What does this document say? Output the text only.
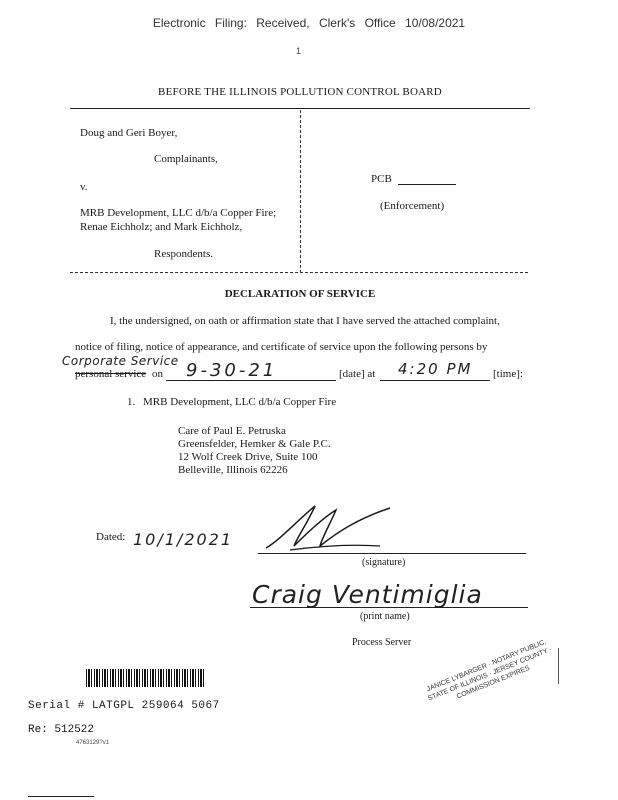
Electronic Filing: Received, Clerk's Office 10/08/2021
1
BEFORE THE ILLINOIS POLLUTION CONTROL BOARD
Doug and Geri Boyer,
Complainants,
v.
MRB Development, LLC d/b/a Copper Fire;
Renae Eichholz; and Mark Eichholz,
Respondents.
PCB
(Enforcement)
DECLARATION OF SERVICE
I, the undersigned, on oath or affirmation state that I have served the attached complaint,
notice of filing, notice of appearance, and certificate of service upon the following persons by
Corporate Service
personal service on 9-30-21	[date] at 4:20 PM [time]:
1. MRB Development, LLC d/b/a Copper Fire
Care of Paul E. Petruska
Greensfelder, Hemker & Gale P.C.
12 Wolf Creek Drive, Suite 100
Belleville, Illinois 62226
Dated: 10/1/2021
(signature)
Craig Ventimiglia
(print name)
Process Server	JANICE LYBARGER · NOTARY PUBLIC, STATE OF ILLINOIS · JERSEY COUNTY · COMMISSION EXPIRES
Serial # LATGPL 259064 5067
Re: 512522
4763129?v1
